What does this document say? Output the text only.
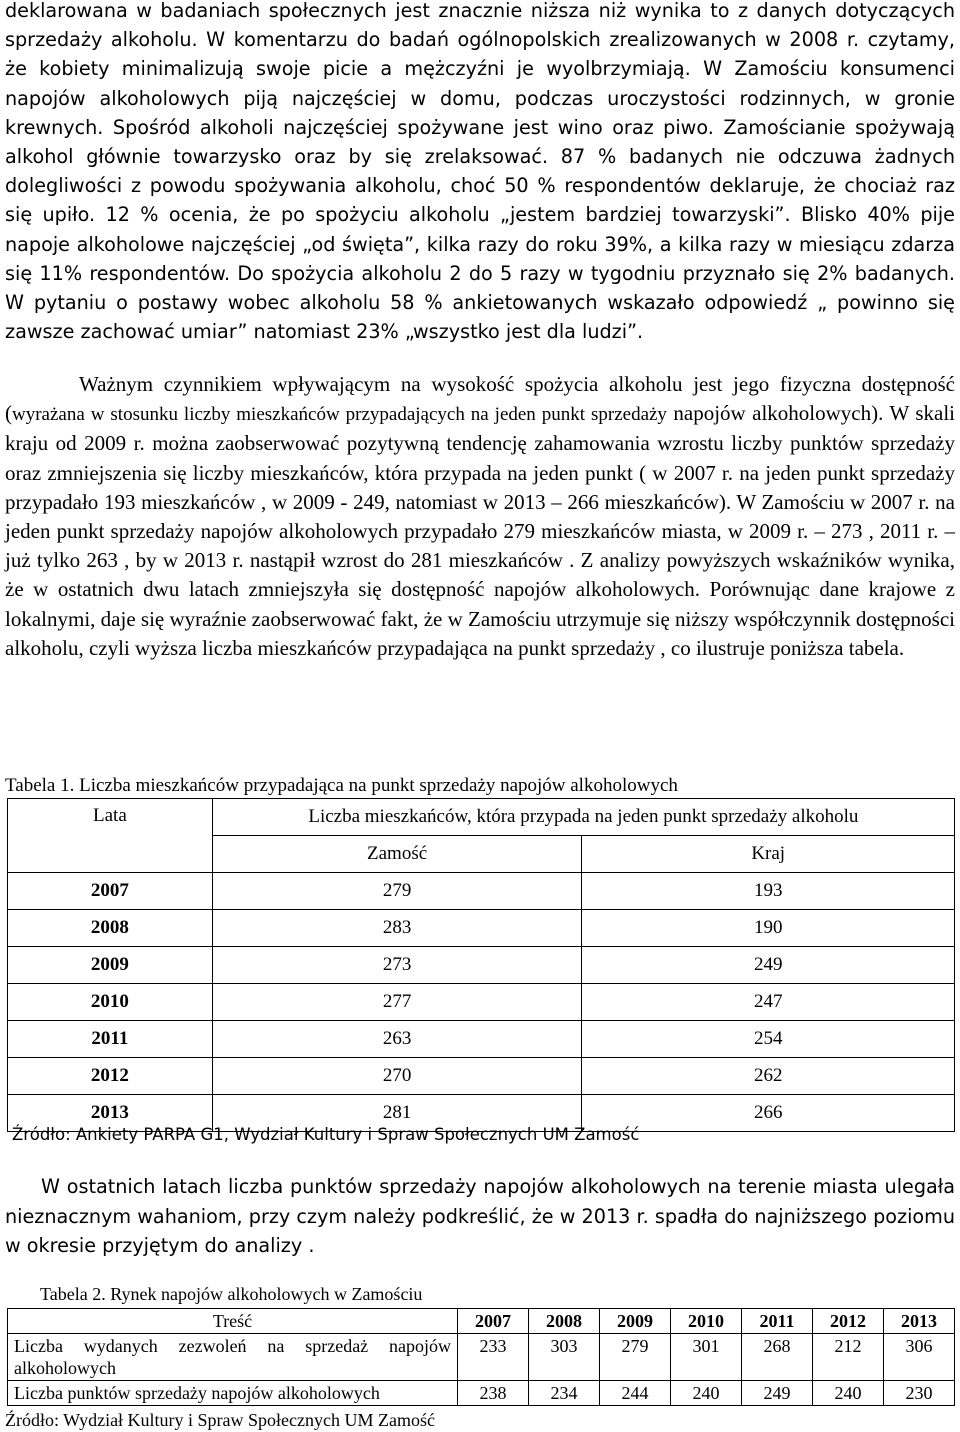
deklarowana w badaniach społecznych jest znacznie niższa niż wynika to z danych dotyczących sprzedaży alkoholu. W komentarzu do badań ogólnopolskich zrealizowanych w 2008 r. czytamy, że kobiety minimalizują swoje picie a mężczyźni je wyolbrzymiają. W Zamościu konsumenci napojów alkoholowych piją najczęściej w domu, podczas uroczystości rodzinnych, w gronie krewnych. Spośród alkoholi najczęściej spożywane jest wino oraz piwo. Zamościanie spożywają alkohol głównie towarzysko oraz by się zrelaksować. 87 % badanych nie odczuwa żadnych dolegliwości z powodu spożywania alkoholu, choć 50 % respondentów deklaruje, że chociaż raz się upiło. 12 % ocenia, że po spożyciu alkoholu „jestem bardziej towarzyski”. Blisko 40% pije napoje alkoholowe najczęściej „od święta”, kilka razy do roku 39%, a kilka razy w miesiącu zdarza się 11% respondentów. Do spożycia alkoholu 2 do 5 razy w tygodniu przyznało się 2% badanych. W pytaniu o postawy wobec alkoholu 58 % ankietowanych wskazało odpowiedź „ powinno się zawsze zachować umiar” natomiast 23% „wszystko jest dla ludzi”.

Ważnym czynnikiem wpływającym na wysokość spożycia alkoholu jest jego fizyczna dostępność (wyrażana w stosunku liczby mieszkańców przypadających na jeden punkt sprzedaży napojów alkoholowych). W skali kraju od 2009 r. można zaobserwować pozytywną tendencję zahamowania wzrostu liczby punktów sprzedaży oraz zmniejszenia się liczby mieszkańców, która przypada na jeden punkt ( w 2007 r. na jeden punkt sprzedaży przypadało 193 mieszkańców , w 2009 - 249, natomiast w 2013 – 266 mieszkańców). W Zamościu w 2007 r. na jeden punkt sprzedaży napojów alkoholowych przypadało 279 mieszkańców miasta, w 2009 r. – 273 , 2011 r. – już tylko 263 , by w 2013 r. nastąpił wzrost do 281 mieszkańców . Z analizy powyższych wskaźników wynika, że w ostatnich dwu latach zmniejszyła się dostępność napojów alkoholowych. Porównując dane krajowe z lokalnymi, daje się wyraźnie zaobserwować fakt, że w Zamościu utrzymuje się niższy współczynnik dostępności alkoholu, czyli wyższa liczba mieszkańców przypadająca na punkt sprzedaży , co ilustruje poniższa tabela.

Tabela 1. Liczba mieszkańców przypadająca na punkt sprzedaży napojów alkoholowych

Lata	Liczba mieszkańców, która przypada na jeden punkt sprzedaży alkoholu	
	Zamość	Kraj
2007	279	193
2008	283	190
2009	273	249
2010	277	247
2011	263	254
2012	270	262
2013	281	266

Źródło: Ankiety PARPA G1, Wydział Kultury i Spraw Społecznych UM Zamość

W ostatnich latach liczba punktów sprzedaży napojów alkoholowych na terenie miasta ulegała nieznacznym wahaniom, przy czym należy podkreślić, że w 2013 r. spadła do najniższego poziomu w okresie przyjętym do analizy .

Tabela 2. Rynek napojów alkoholowych w Zamościu

Treść	2007	2008	2009	2010	2011	2012	2013
Liczba wydanych zezwoleń na sprzedaż napojów alkoholowych	233	303	279	301	268	212	306
Liczba punktów sprzedaży napojów alkoholowych	238	234	244	240	249	240	230

Źródło: Wydział Kultury i Spraw Społecznych UM Zamość
